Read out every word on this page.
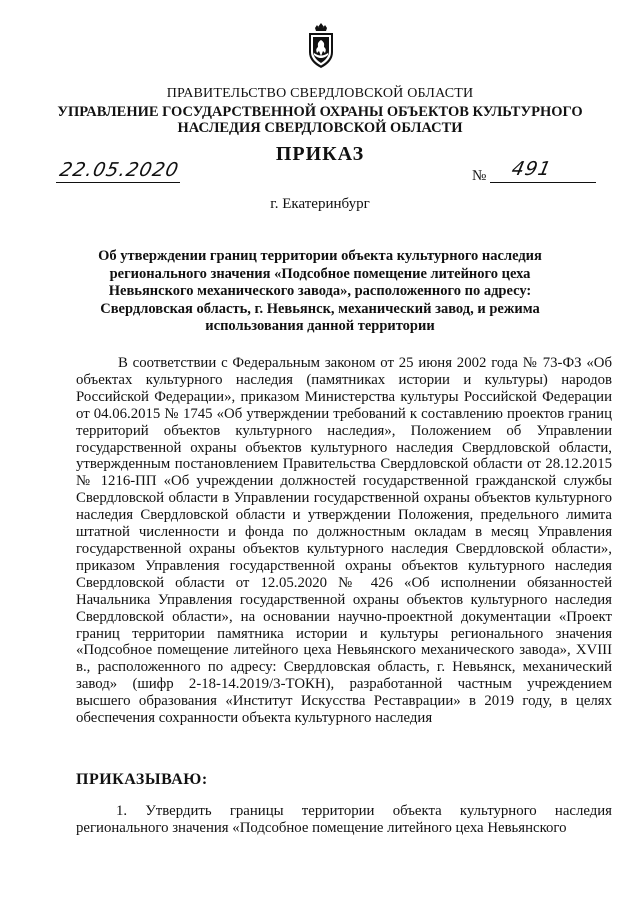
ПРАВИТЕЛЬСТВО СВЕРДЛОВСКОЙ ОБЛАСТИ
УПРАВЛЕНИЕ ГОСУДАРСТВЕННОЙ ОХРАНЫ ОБЪЕКТОВ КУЛЬТУРНОГО НАСЛЕДИЯ СВЕРДЛОВСКОЙ ОБЛАСТИ
ПРИКАЗ
22.05.2020	№ 491
г. Екатеринбург
Об утверждении границ территории объекта культурного наследия регионального значения «Подсобное помещение литейного цеха Невьянского механического завода», расположенного по адресу: Свердловская область, г. Невьянск, механический завод, и режима использования данной территории

В соответствии с Федеральным законом от 25 июня 2002 года № 73-ФЗ «Об объектах культурного наследия (памятниках истории и культуры) народов Российской Федерации», приказом Министерства культуры Российской Федерации от 04.06.2015 № 1745 «Об утверждении требований к составлению проектов границ территорий объектов культурного наследия», Положением об Управлении государственной охраны объектов культурного наследия Свердловской области, утвержденным постановлением Правительства Свердловской области от 28.12.2015 № 1216-ПП «Об учреждении должностей государственной гражданской службы Свердловской области в Управлении государственной охраны объектов культурного наследия Свердловской области и утверждении Положения, предельного лимита штатной численности и фонда по должностным окладам в месяц Управления государственной охраны объектов культурного наследия Свердловской области», приказом Управления государственной охраны объектов культурного наследия Свердловской области от 12.05.2020 № 426 «Об исполнении обязанностей Начальника Управления государственной охраны объектов культурного наследия Свердловской области», на основании научно-проектной документации «Проект границ территории памятника истории и культуры регионального значения «Подсобное помещение литейного цеха Невьянского механического завода», XVIII в., расположенного по адресу: Свердловская область, г. Невьянск, механический завод» (шифр 2-18-14.2019/3-ТОКН), разработанной частным учреждением высшего образования «Институт Искусства Реставрации» в 2019 году, в целях обеспечения сохранности объекта культурного наследия

ПРИКАЗЫВАЮ:

1. Утвердить границы территории объекта культурного наследия регионального значения «Подсобное помещение литейного цеха Невьянского
